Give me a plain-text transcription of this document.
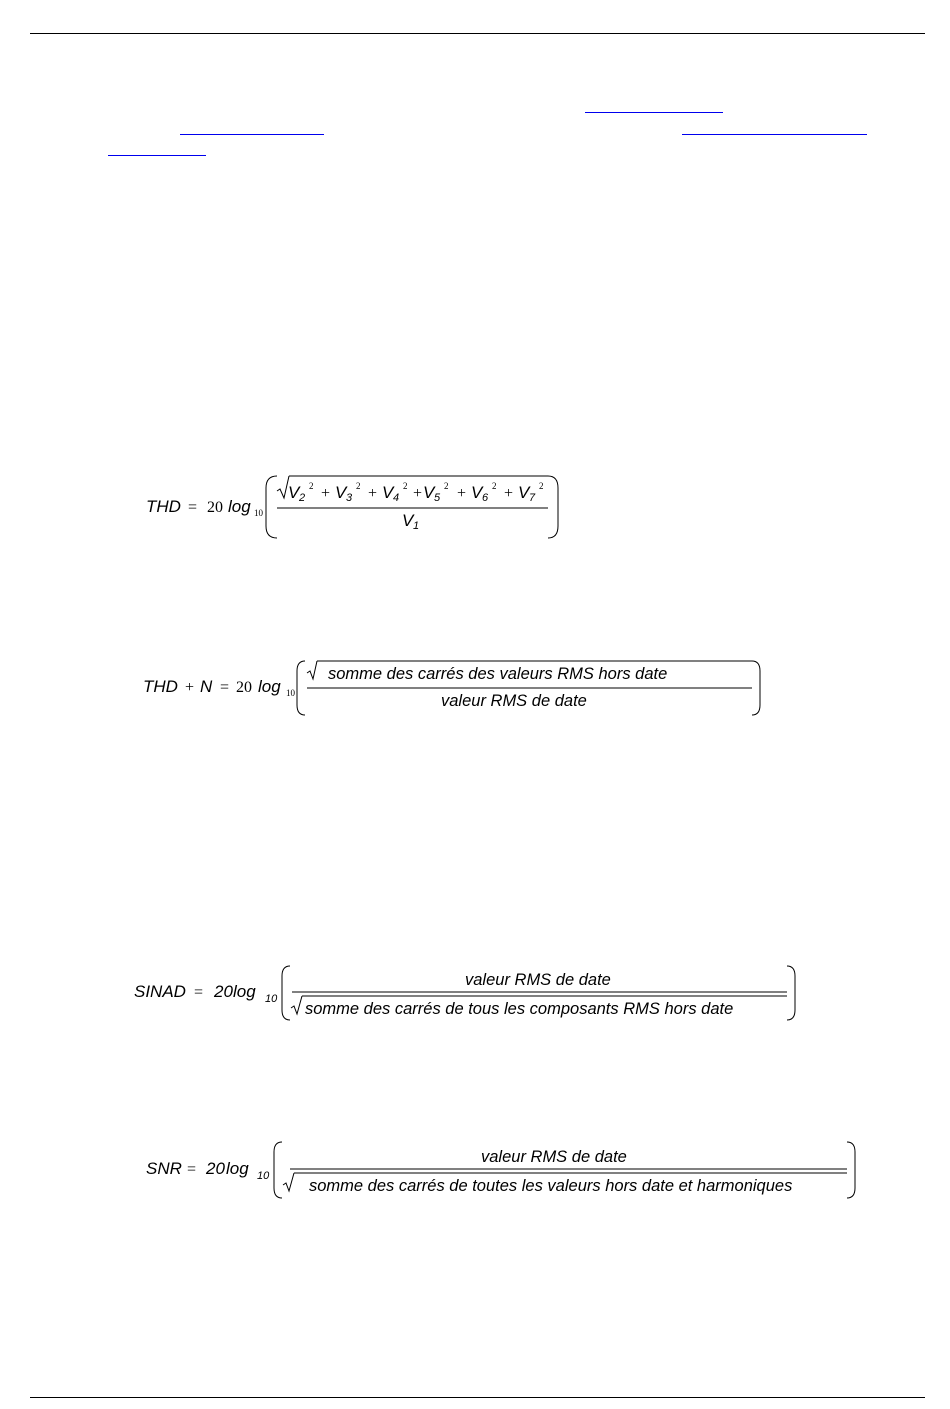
THD = 20 log 10
V 2
2 + V 3
2 + V 4
2 + V 5
2 + V 6
2 + V 7
2
V 1
THD + N = 20 log 10
somme des carrés des valeurs RMS hors date
valeur RMS de date
SINAD = 20 log 10
valeur RMS de date
somme des carrés de tous les composants RMS hors date
SNR = 20 log 10
valeur RMS de date
somme des carrés de toutes les valeurs hors date et harmoniques
